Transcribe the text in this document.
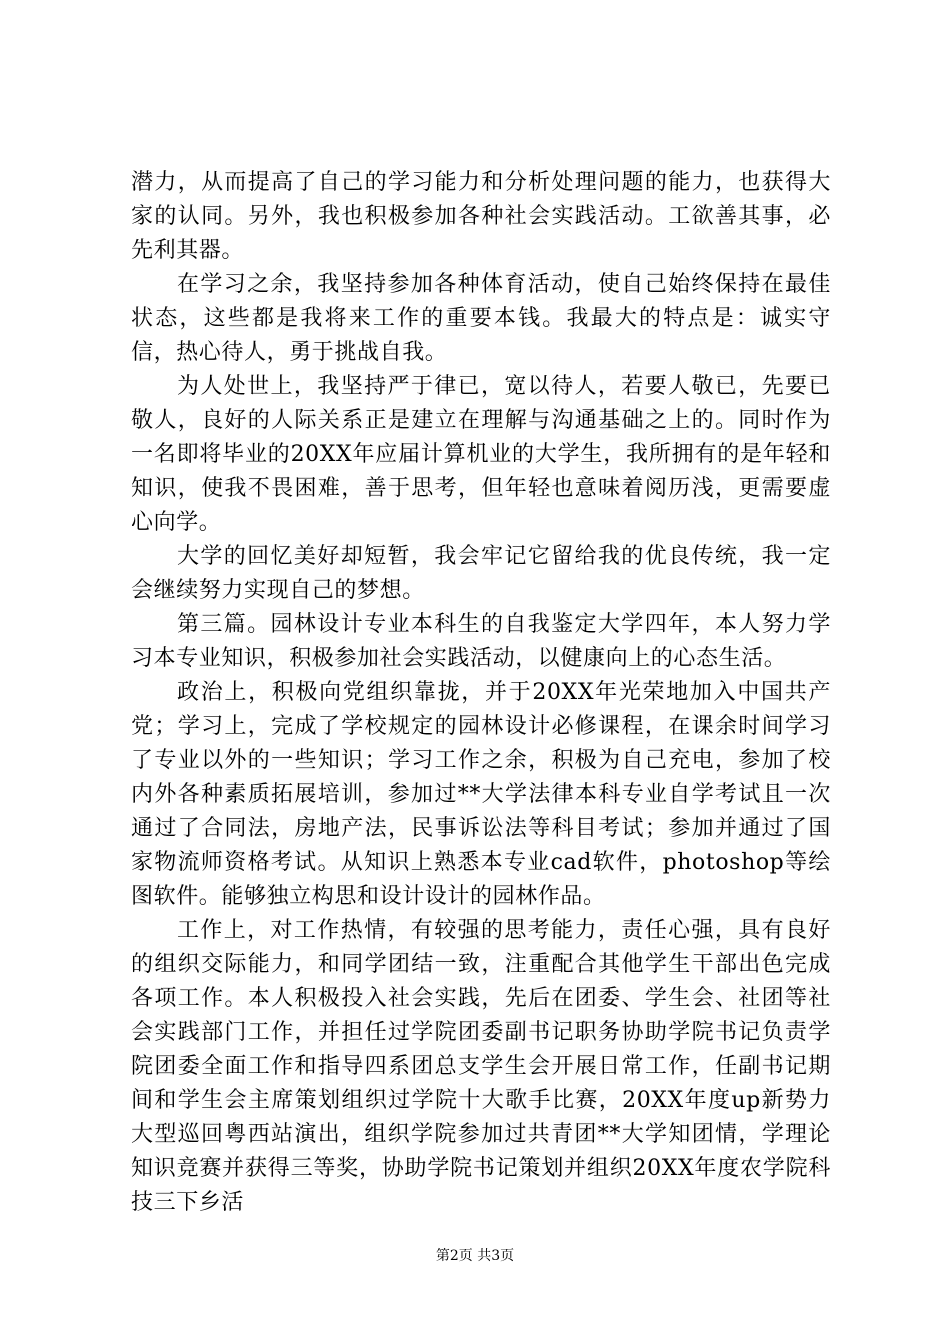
潜力，从而提高了自己的学习能力和分析处理问题的能力，也获得大家的认同。另外，我也积极参加各种社会实践活动。工欲善其事，必先利其器。

在学习之余，我坚持参加各种体育活动，使自己始终保持在最佳状态，这些都是我将来工作的重要本钱。我最大的特点是：诚实守信，热心待人，勇于挑战自我。

为人处世上，我坚持严于律已，宽以待人，若要人敬已，先要已敬人，良好的人际关系正是建立在理解与沟通基础之上的。同时作为一名即将毕业的20XX年应届计算机业的大学生，我所拥有的是年轻和知识，使我不畏困难，善于思考，但年轻也意味着阅历浅，更需要虚心向学。

大学的回忆美好却短暂，我会牢记它留给我的优良传统，我一定会继续努力实现自己的梦想。

第三篇。园林设计专业本科生的自我鉴定大学四年，本人努力学习本专业知识，积极参加社会实践活动，以健康向上的心态生活。

政治上，积极向党组织靠拢，并于20XX年光荣地加入中国共产党；学习上，完成了学校规定的园林设计必修课程，在课余时间学习了专业以外的一些知识；学习工作之余，积极为自己充电，参加了校内外各种素质拓展培训，参加过**大学法律本科专业自学考试且一次通过了合同法，房地产法，民事诉讼法等科目考试；参加并通过了国家物流师资格考试。从知识上熟悉本专业cad软件，photoshop等绘图软件。能够独立构思和设计设计的园林作品。

工作上，对工作热情，有较强的思考能力，责任心强，具有良好的组织交际能力，和同学团结一致，注重配合其他学生干部出色完成各项工作。本人积极投入社会实践，先后在团委、学生会、社团等社会实践部门工作，并担任过学院团委副书记职务协助学院书记负责学院团委全面工作和指导四系团总支学生会开展日常工作，任副书记期间和学生会主席策划组织过学院十大歌手比赛，20XX年度up新势力大型巡回粤西站演出，组织学院参加过共青团**大学知团情，学理论知识竞赛并获得三等奖，协助学院书记策划并组织20XX年度农学院科技三下乡活

第2页 共3页
